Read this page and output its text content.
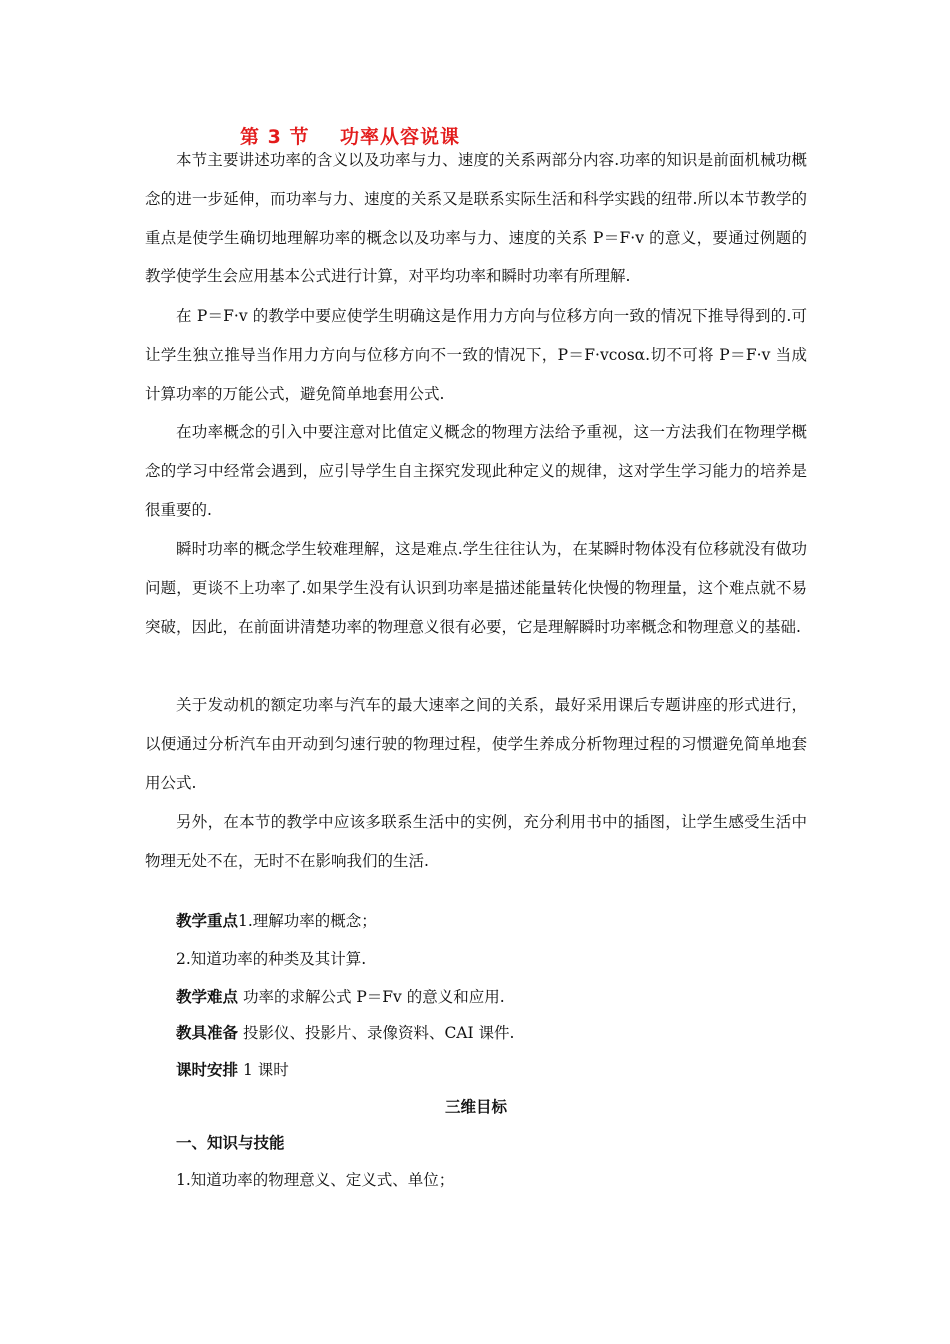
第 3 节    功率从容说课

本节主要讲述功率的含义以及功率与力、速度的关系两部分内容.功率的知识是前面机械功概念的进一步延伸，而功率与力、速度的关系又是联系实际生活和科学实践的纽带.所以本节教学的重点是使学生确切地理解功率的概念以及功率与力、速度的关系 P＝F·v 的意义，要通过例题的教学使学生会应用基本公式进行计算，对平均功率和瞬时功率有所理解.

在 P＝F·v 的教学中要应使学生明确这是作用力方向与位移方向一致的情况下推导得到的.可让学生独立推导当作用力方向与位移方向不一致的情况下，P＝F·vcosα.切不可将 P＝F·v 当成计算功率的万能公式，避免简单地套用公式.

在功率概念的引入中要注意对比值定义概念的物理方法给予重视，这一方法我们在物理学概念的学习中经常会遇到，应引导学生自主探究发现此种定义的规律，这对学生学习能力的培养是很重要的.

瞬时功率的概念学生较难理解，这是难点.学生往往认为，在某瞬时物体没有位移就没有做功问题，更谈不上功率了.如果学生没有认识到功率是描述能量转化快慢的物理量，这个难点就不易突破，因此，在前面讲清楚功率的物理意义很有必要，它是理解瞬时功率概念和物理意义的基础.

关于发动机的额定功率与汽车的最大速率之间的关系，最好采用课后专题讲座的形式进行，以便通过分析汽车由开动到匀速行驶的物理过程，使学生养成分析物理过程的习惯避免简单地套用公式.

另外，在本节的教学中应该多联系生活中的实例，充分利用书中的插图，让学生感受生活中物理无处不在，无时不在影响我们的生活.

教学重点1.理解功率的概念；
2.知道功率的种类及其计算.
教学难点 功率的求解公式 P＝Fv 的意义和应用.
教具准备 投影仪、投影片、录像资料、CAI 课件.
课时安排 1 课时
三维目标
一、知识与技能
1.知道功率的物理意义、定义式、单位；
